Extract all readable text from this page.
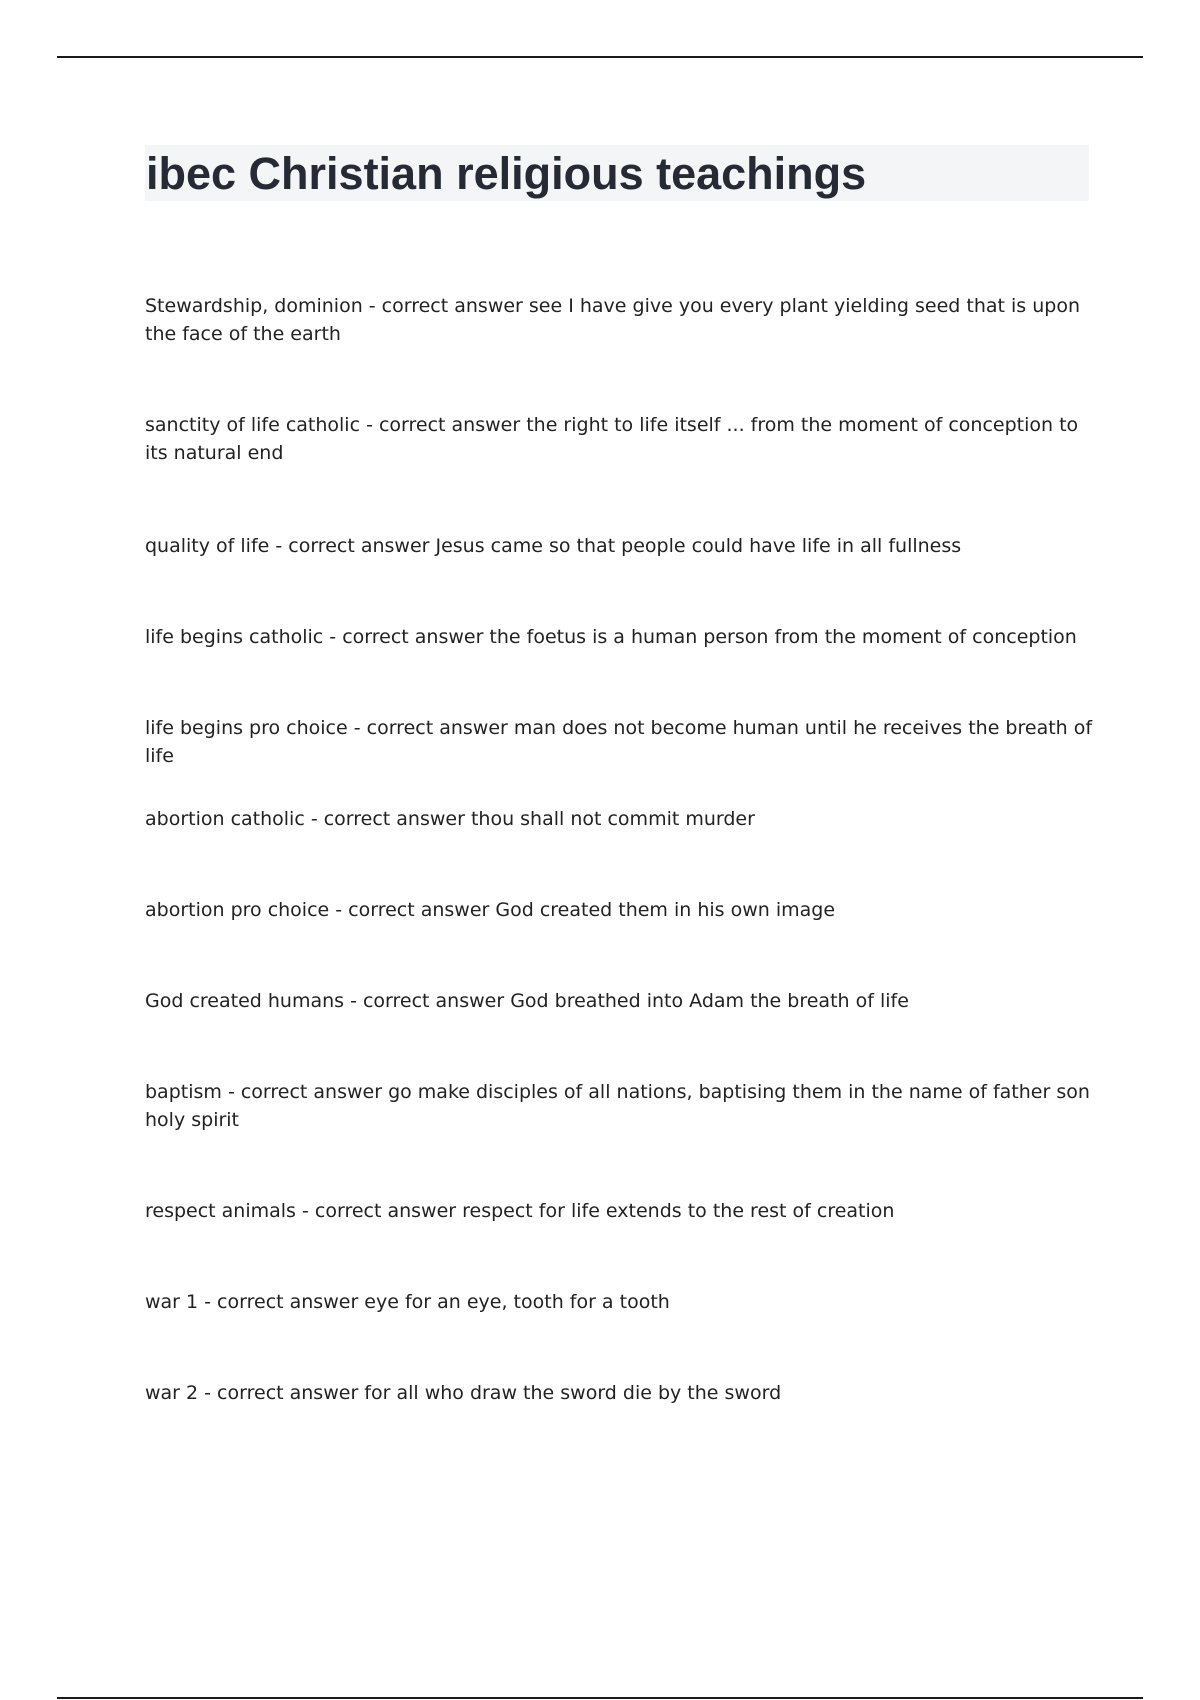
ibec Christian religious teachings
Stewardship, dominion - correct answer see I have give you every plant yielding seed that is upon the face of the earth
sanctity of life catholic - correct answer the right to life itself ... from the moment of conception to its natural end
quality of life - correct answer Jesus came so that people could have life in all fullness
life begins catholic - correct answer the foetus is a human person from the moment of conception
life begins pro choice - correct answer man does not become human until he receives the breath of life
abortion catholic - correct answer thou shall not commit murder
abortion pro choice - correct answer God created them in his own image
God created humans - correct answer God breathed into Adam the breath of life
baptism - correct answer go make disciples of all nations, baptising them in the name of father son holy spirit
respect animals - correct answer respect for life extends to the rest of creation
war 1 - correct answer eye for an eye, tooth for a tooth
war 2 - correct answer for all who draw the sword die by the sword
